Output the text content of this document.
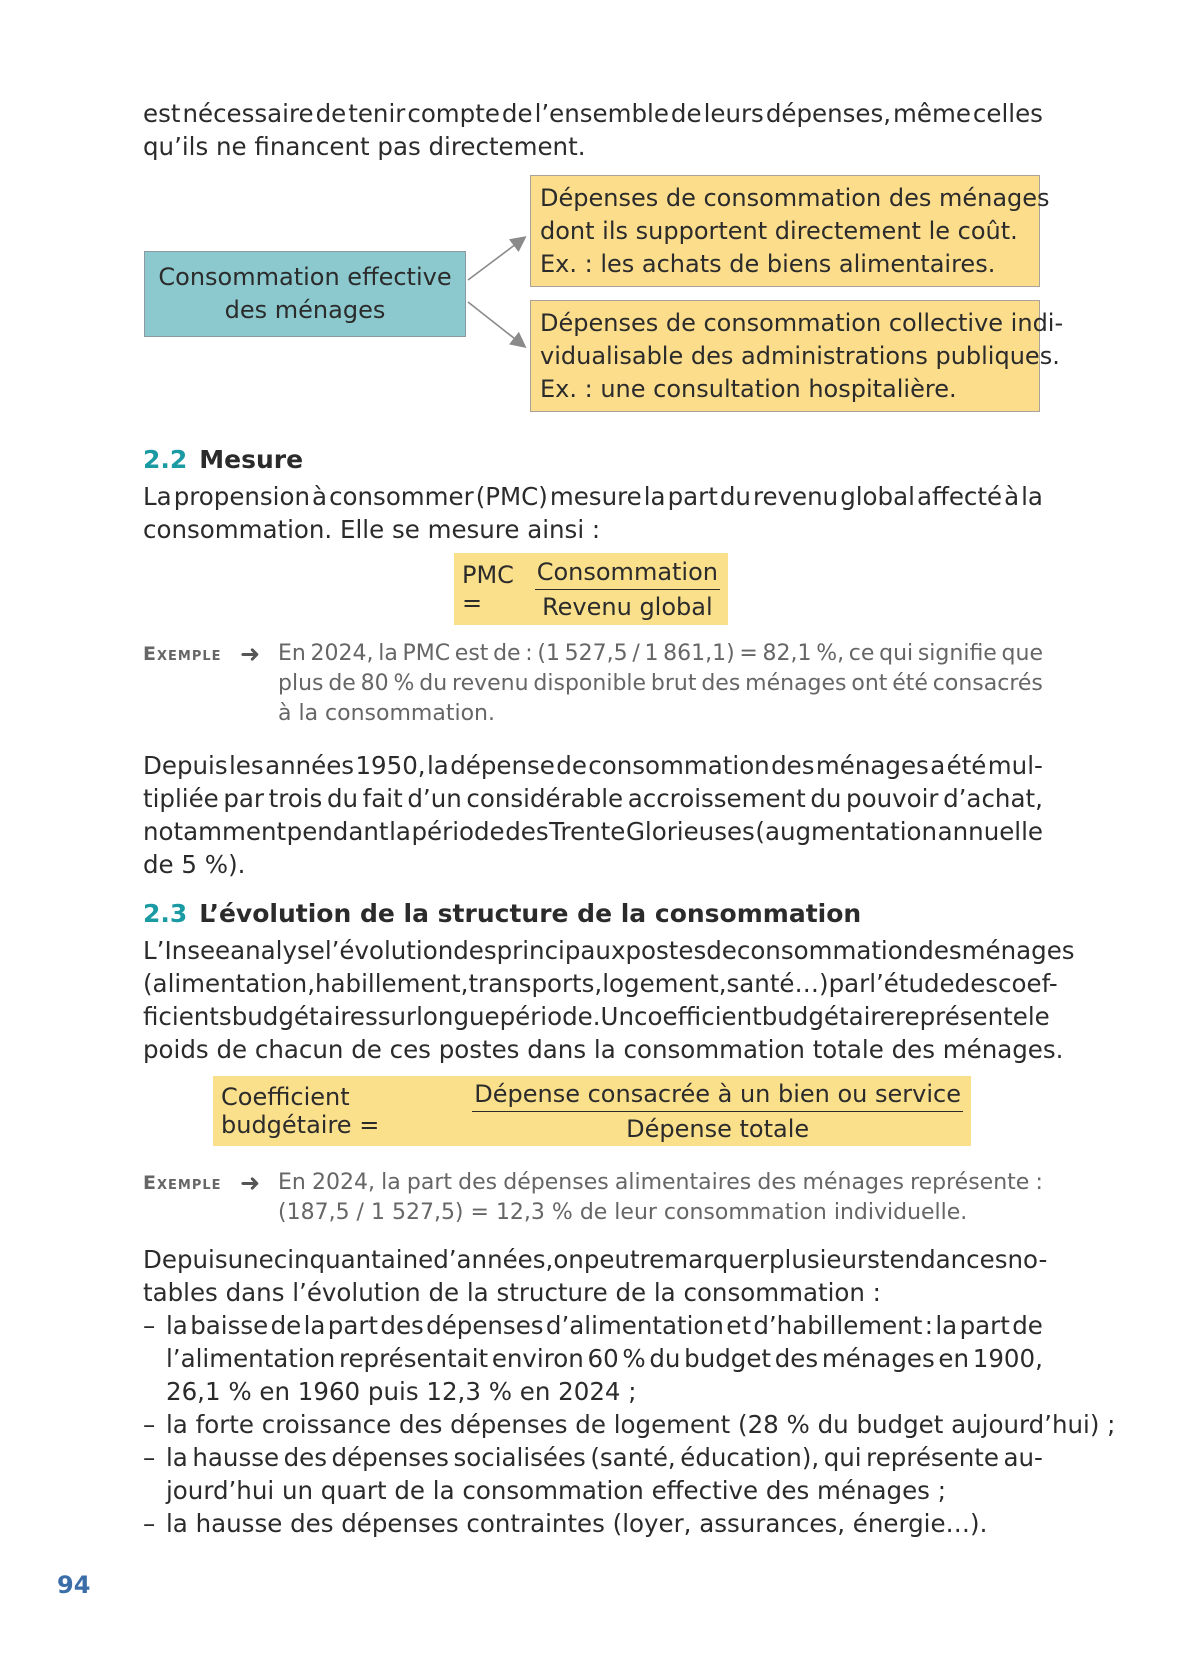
est nécessaire de tenir compte de l’ensemble de leurs dépenses, même celles
qu’ils ne financent pas directement.
Consommation effective
des ménages
Dépenses de consommation des ménages
dont ils supportent directement le coût.
Ex. : les achats de biens alimentaires.
Dépenses de consommation collective indi-
vidualisable des administrations publiques.
Ex. : une consultation hospitalière.
2.2 Mesure
La propension à consommer (PMC) mesure la part du revenu global affecté à la
consommation. Elle se mesure ainsi :
PMC =	$\frac{\text{Consommation}}{\text{Revenu global}}$
Exemple ➜ En 2024, la PMC est de : (1 527,5 / 1 861,1) = 82,1 %, ce qui signifie que
plus de 80 % du revenu disponible brut des ménages ont été consacrés
à la consommation.
Depuis les années 1950, la dépense de consommation des ménages a été mul-
tipliée par trois du fait d’un considérable accroissement du pouvoir d’achat,
notamment pendant la période des Trente Glorieuses (augmentation annuelle
de 5 %).
2.3 L’évolution de la structure de la consommation
L’Insee analyse l’évolution des principaux postes de consommation des ménages
(alimentation, habillement, transports, logement, santé…) par l’étude des coef-
ficients budgétaires sur longue période. Un coefficient budgétaire représente le
poids de chacun de ces postes dans la consommation totale des ménages.
Coefficient budgétaire =	$\frac{\text{Dépense consacrée à un bien ou service}}{\text{Dépense totale}}$
Exemple ➜ En 2024, la part des dépenses alimentaires des ménages représente :
(187,5 / 1 527,5) = 12,3 % de leur consommation individuelle.
Depuis une cinquantaine d’années, on peut remarquer plusieurs tendances no-
tables dans l’évolution de la structure de la consommation :
– la baisse de la part des dépenses d’alimentation et d’habillement : la part de
l’alimentation représentait environ 60 % du budget des ménages en 1900,
26,1 % en 1960 puis 12,3 % en 2024 ;
– la forte croissance des dépenses de logement (28 % du budget aujourd’hui) ;
– la hausse des dépenses socialisées (santé, éducation), qui représente au-
jourd’hui un quart de la consommation effective des ménages ;
– la hausse des dépenses contraintes (loyer, assurances, énergie…).
94
